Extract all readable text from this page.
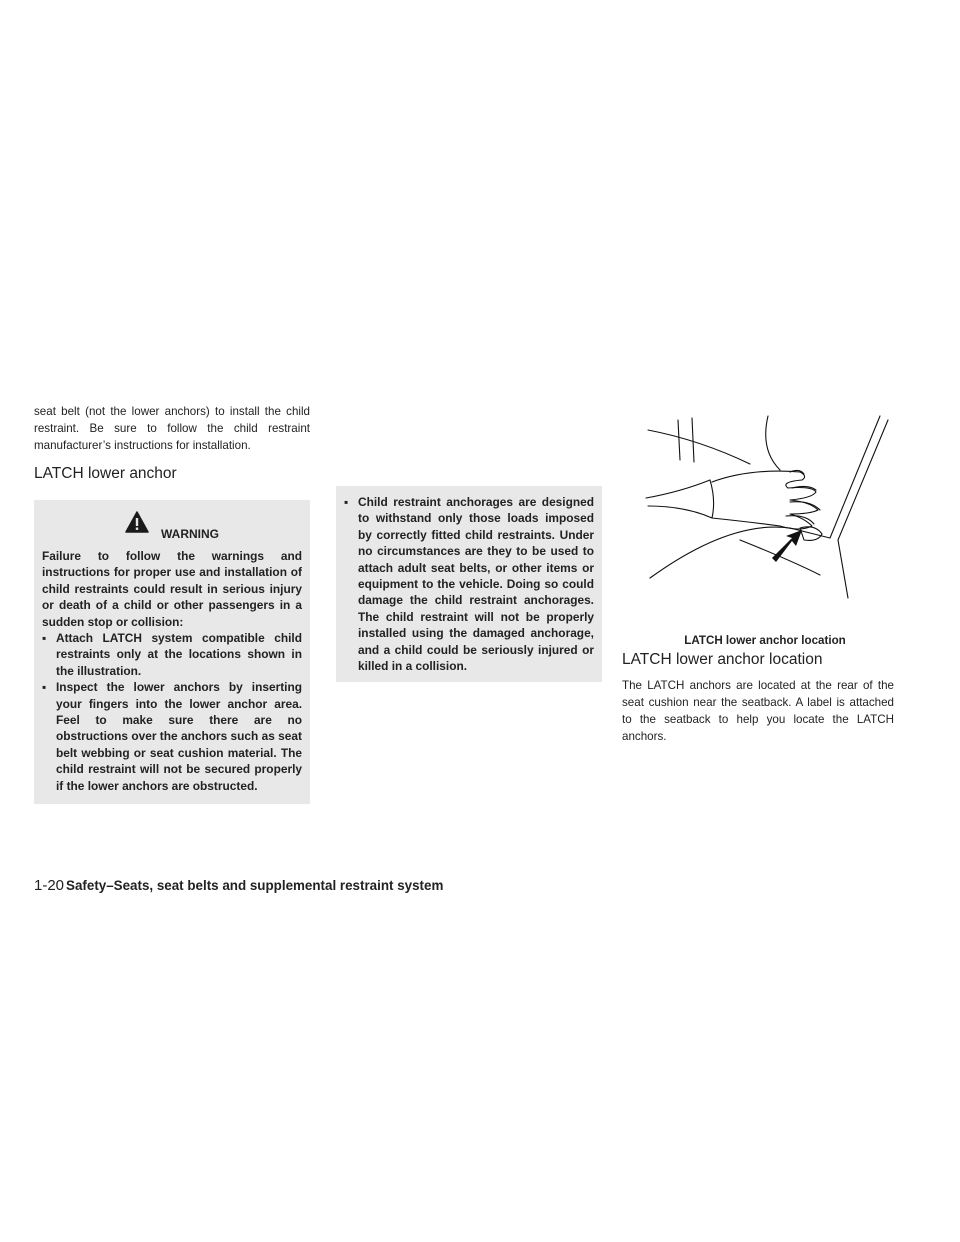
seat belt (not the lower anchors) to install the child restraint. Be sure to follow the child restraint manufacturer’s instructions for installation.

LATCH lower anchor
WARNING

Failure to follow the warnings and instructions for proper use and installation of child restraints could result in serious injury or death of a child or other passengers in a sudden stop or collision:

▪ Attach LATCH system compatible child restraints only at the locations shown in the illustration.
▪ Inspect the lower anchors by inserting your fingers into the lower anchor area. Feel to make sure there are no obstructions over the anchors such as seat belt webbing or seat cushion material. The child restraint will not be secured properly if the lower anchors are obstructed.
▪ Child restraint anchorages are designed to withstand only those loads imposed by correctly fitted child restraints. Under no circumstances are they to be used to attach adult seat belts, or other items or equipment to the vehicle. Doing so could damage the child restraint anchorages. The child restraint will not be properly installed using the damaged anchorage, and a child could be seriously injured or killed in a collision.
LATCH lower anchor location
LATCH lower anchor location
The LATCH anchors are located at the rear of the seat cushion near the seatback. A label is attached to the seatback to help you locate the LATCH anchors.
1-20 Safety–Seats, seat belts and supplemental restraint system
